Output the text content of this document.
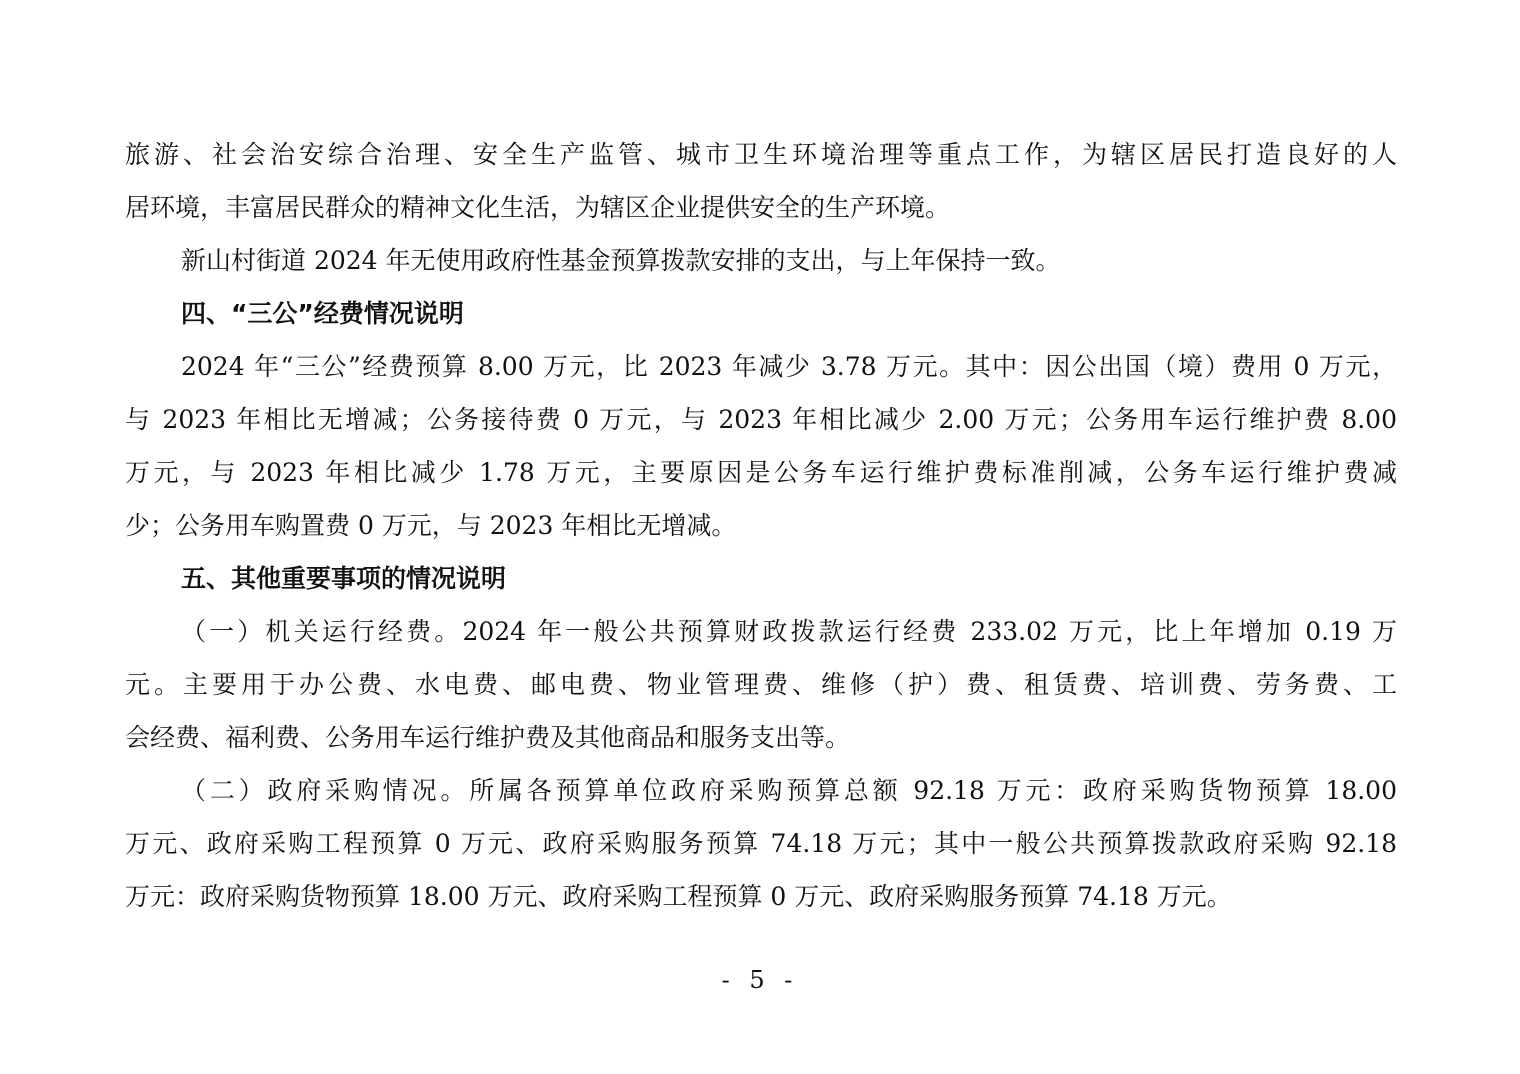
旅游、社会治安综合治理、安全生产监管、城市卫生环境治理等重点工作，为辖区居民打造良好的人
居环境，丰富居民群众的精神文化生活，为辖区企业提供安全的生产环境。
新山村街道 2024 年无使用政府性基金预算拨款安排的支出，与上年保持一致。
四、“三公”经费情况说明
2024 年“三公”经费预算 8.00 万元，比 2023 年减少 3.78 万元。其中：因公出国（境）费用 0 万元，
与 2023 年相比无增减；公务接待费 0 万元，与 2023 年相比减少 2.00 万元；公务用车运行维护费 8.00
万元，与 2023 年相比减少 1.78 万元，主要原因是公务车运行维护费标准削减，公务车运行维护费减
少；公务用车购置费 0 万元，与 2023 年相比无增减。
五、其他重要事项的情况说明
（一）机关运行经费。2024 年一般公共预算财政拨款运行经费 233.02 万元，比上年增加 0.19 万
元。主要用于办公费、水电费、邮电费、物业管理费、维修（护）费、租赁费、培训费、劳务费、工
会经费、福利费、公务用车运行维护费及其他商品和服务支出等。
（二）政府采购情况。所属各预算单位政府采购预算总额 92.18 万元：政府采购货物预算 18.00
万元、政府采购工程预算 0 万元、政府采购服务预算 74.18 万元；其中一般公共预算拨款政府采购 92.18
万元：政府采购货物预算 18.00 万元、政府采购工程预算 0 万元、政府采购服务预算 74.18 万元。
- 5 -
